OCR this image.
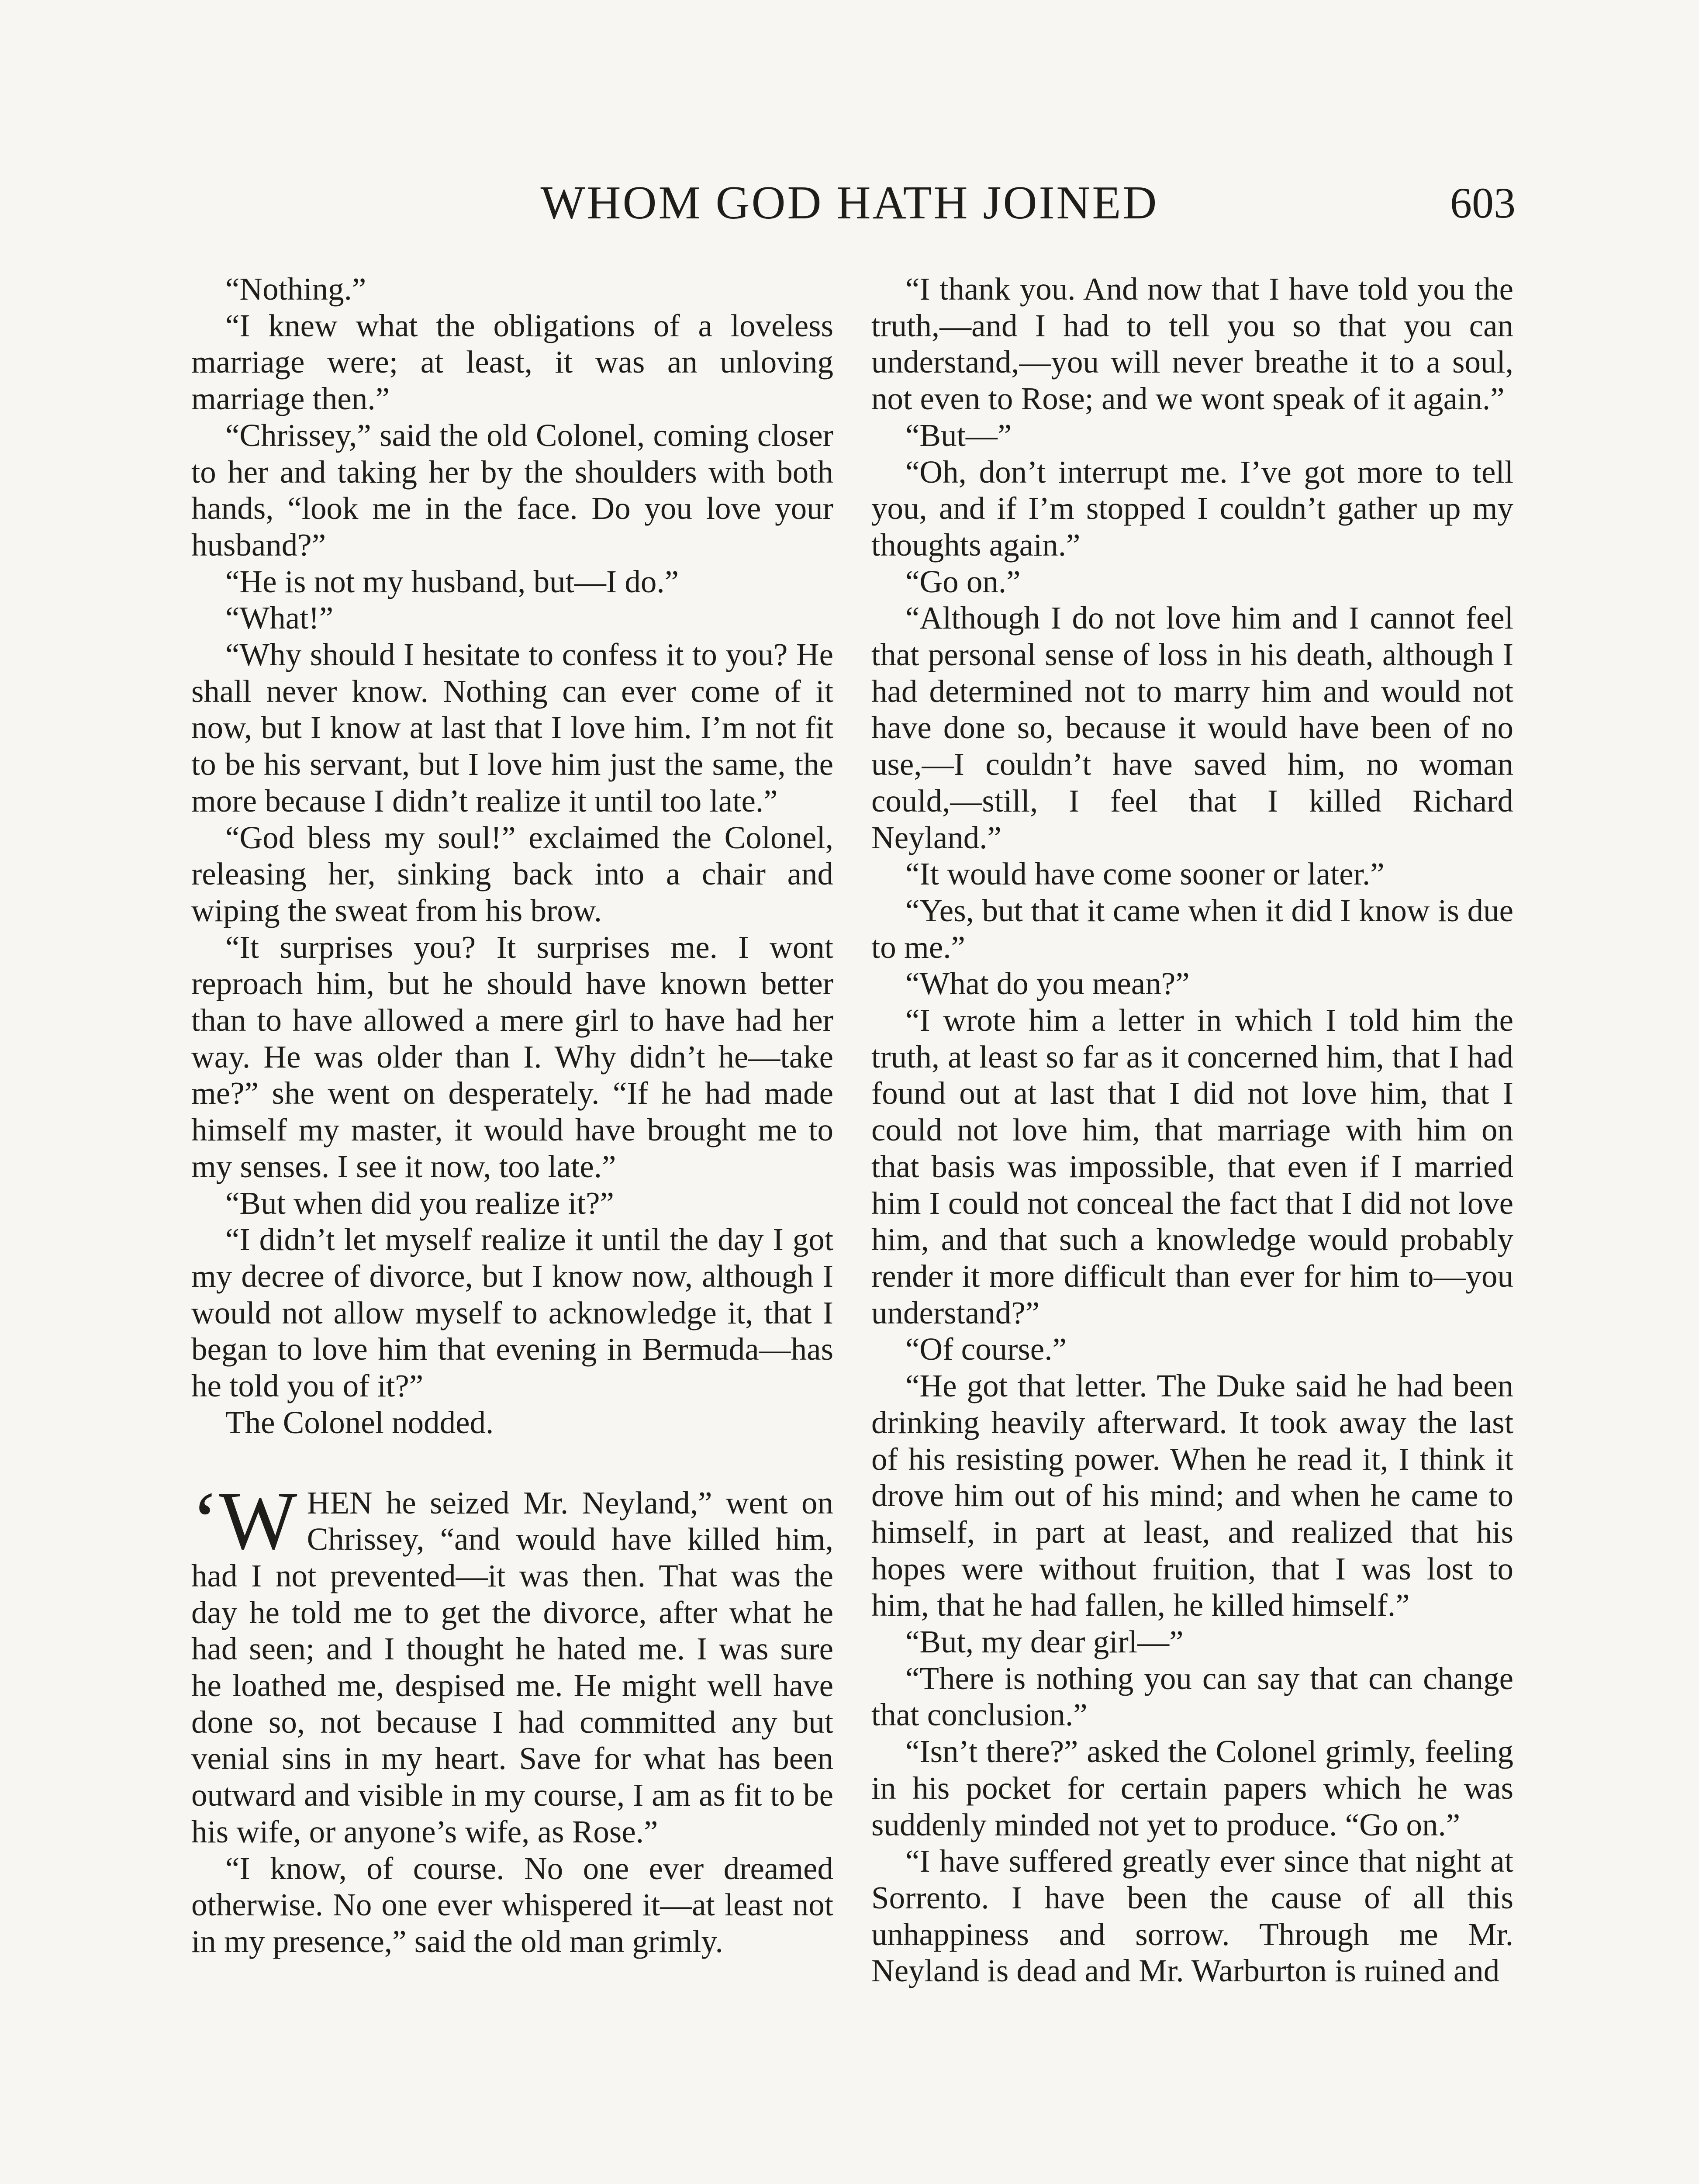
WHOM GOD HATH JOINED	603

“Nothing.”

“I knew what the obligations of a loveless marriage were; at least, it was an unloving marriage then.”

“Chrissey,” said the old Colonel, coming closer to her and taking her by the shoulders with both hands, “look me in the face. Do you love your husband?”

“He is not my husband, but—I do.”

“What!”

“Why should I hesitate to confess it to you? He shall never know. Nothing can ever come of it now, but I know at last that I love him. I’m not fit to be his servant, but I love him just the same, the more because I didn’t realize it until too late.”

“God bless my soul!” exclaimed the Colonel, releasing her, sinking back into a chair and wiping the sweat from his brow.

“It surprises you? It surprises me. I wont reproach him, but he should have known better than to have allowed a mere girl to have had her way. He was older than I. Why didn’t he—take me?” she went on desperately. “If he had made himself my master, it would have brought me to my senses. I see it now, too late.”

“But when did you realize it?”

“I didn’t let myself realize it until the day I got my decree of divorce, but I know now, although I would not allow myself to acknowledge it, that I began to love him that evening in Bermuda—has he told you of it?”

The Colonel nodded.

‘WHEN he seized Mr. Neyland,” went on Chrissey, “and would have killed him, had I not prevented—it was then. That was the day he told me to get the divorce, after what he had seen; and I thought he hated me. I was sure he loathed me, despised me. He might well have done so, not because I had committed any but venial sins in my heart. Save for what has been outward and visible in my course, I am as fit to be his wife, or anyone’s wife, as Rose.”

“I know, of course. No one ever dreamed otherwise. No one ever whispered it—at least not in my presence,” said the old man grimly.

“I thank you. And now that I have told you the truth,—and I had to tell you so that you can understand,—you will never breathe it to a soul, not even to Rose; and we wont speak of it again.”

“But—”

“Oh, don’t interrupt me. I’ve got more to tell you, and if I’m stopped I couldn’t gather up my thoughts again.”

“Go on.”

“Although I do not love him and I cannot feel that personal sense of loss in his death, although I had determined not to marry him and would not have done so, because it would have been of no use,—I couldn’t have saved him, no woman could,—still, I feel that I killed Richard Neyland.”

“It would have come sooner or later.”

“Yes, but that it came when it did I know is due to me.”

“What do you mean?”

“I wrote him a letter in which I told him the truth, at least so far as it concerned him, that I had found out at last that I did not love him, that I could not love him, that marriage with him on that basis was impossible, that even if I married him I could not conceal the fact that I did not love him, and that such a knowledge would probably render it more difficult than ever for him to—you understand?”

“Of course.”

“He got that letter. The Duke said he had been drinking heavily afterward. It took away the last of his resisting power. When he read it, I think it drove him out of his mind; and when he came to himself, in part at least, and realized that his hopes were without fruition, that I was lost to him, that he had fallen, he killed himself.”

“But, my dear girl—”

“There is nothing you can say that can change that conclusion.”

“Isn’t there?” asked the Colonel grimly, feeling in his pocket for certain papers which he was suddenly minded not yet to produce. “Go on.”

“I have suffered greatly ever since that night at Sorrento. I have been the cause of all this unhappiness and sorrow. Through me Mr. Neyland is dead and Mr. Warburton is ruined and
